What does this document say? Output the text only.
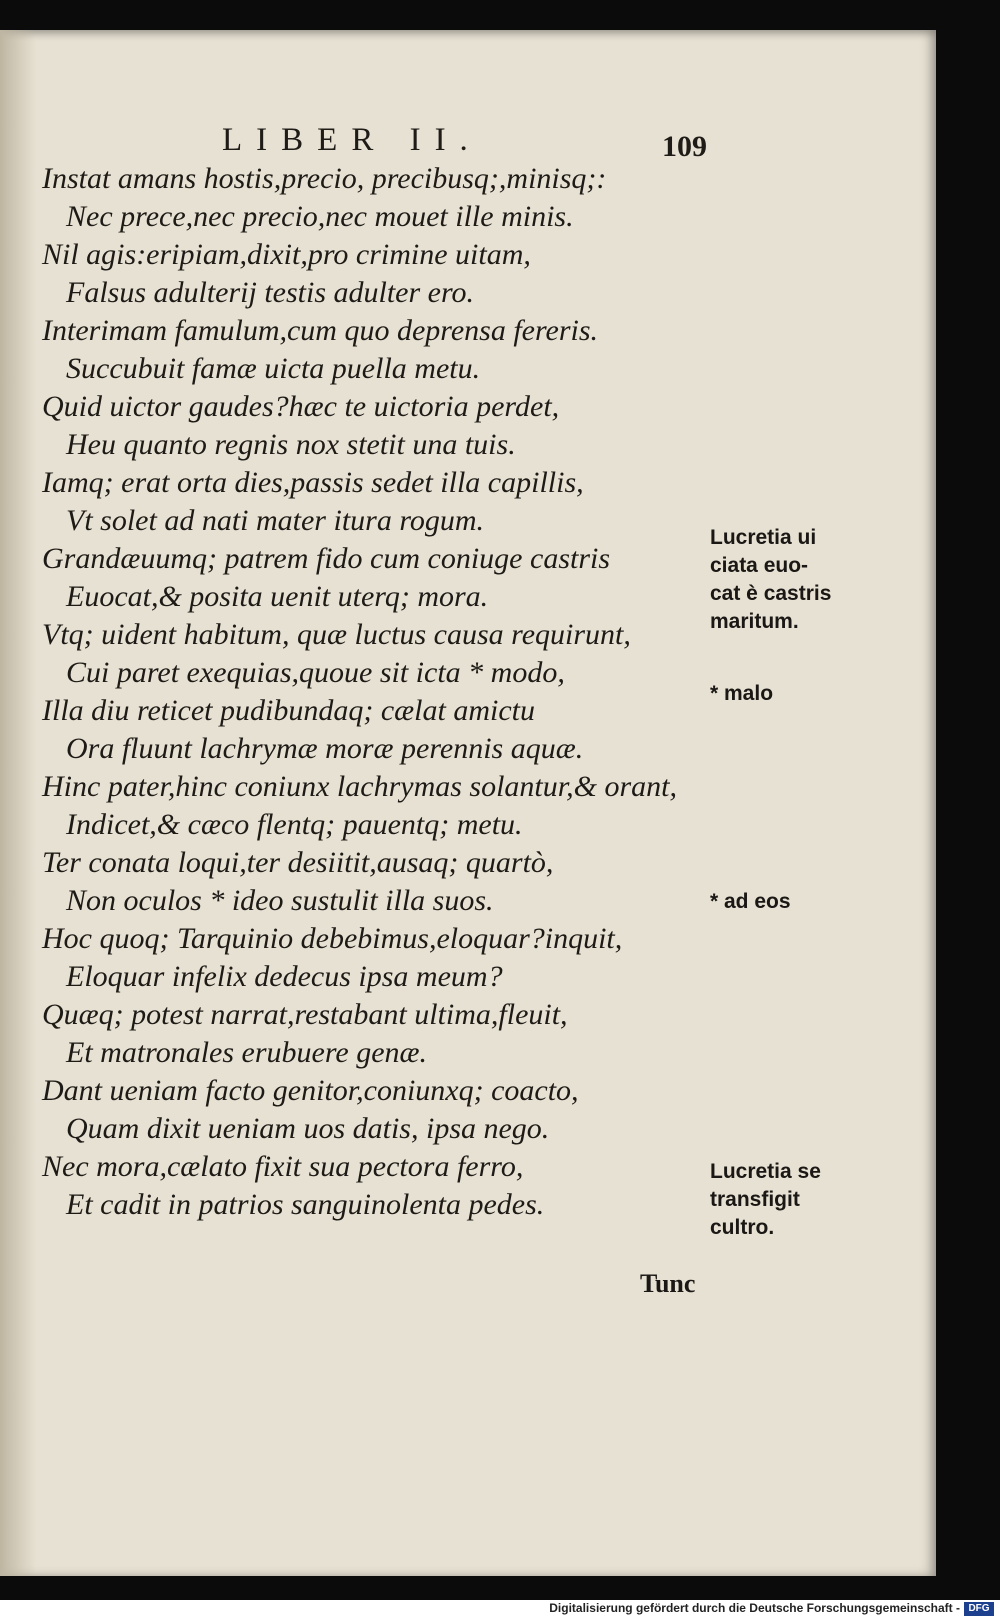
LIBER II.	109
Instat amans hostis,precio, precibusq;,minisq;:
Nec prece,nec precio,nec mouet ille minis.
Nil agis:eripiam,dixit,pro crimine uitam,
Falsus adulterij testis adulter ero.
Interimam famulum,cum quo deprensa fereris.
Succubuit famæ uicta puella metu.
Quid uictor gaudes?hæc te uictoria perdet,
Heu quanto regnis nox stetit una tuis.
Iamq; erat orta dies,passis sedet illa capillis,
Vt solet ad nati mater itura rogum.
Grandæuumq; patrem fido cum coniuge castris
Euocat,& posita uenit uterq; mora.
Vtq; uident habitum, quæ luctus causa requirunt,
Cui paret exequias,quoue sit icta * modo,
Illa diu reticet pudibundaq; cælat amictu
Ora fluunt lachrymæ moræ perennis aquæ.
Hinc pater,hinc coniunx lachrymas solantur,& orant,
Indicet,& cæco flentq; pauentq; metu.
Ter conata loqui,ter desiitit,ausaq; quartò,
Non oculos * ideo sustulit illa suos.
Hoc quoq; Tarquinio debebimus,eloquar?inquit,
Eloquar infelix dedecus ipsa meum?
Quæq; potest narrat,restabant ultima,fleuit,
Et matronales erubuere genæ.
Dant ueniam facto genitor,coniunxq; coacto,
Quam dixit ueniam uos datis, ipsa nego.
Nec mora,cælato fixit sua pectora ferro,
Et cadit in patrios sanguinolenta pedes.
Lucretia ui
ciata euo-
cat è castris
maritum.
* malo
* ad eos
Lucretia se
transfigit
cultro.
Tunc
Digitalisierung gefördert durch die Deutsche Forschungsgemeinschaft - DFG
